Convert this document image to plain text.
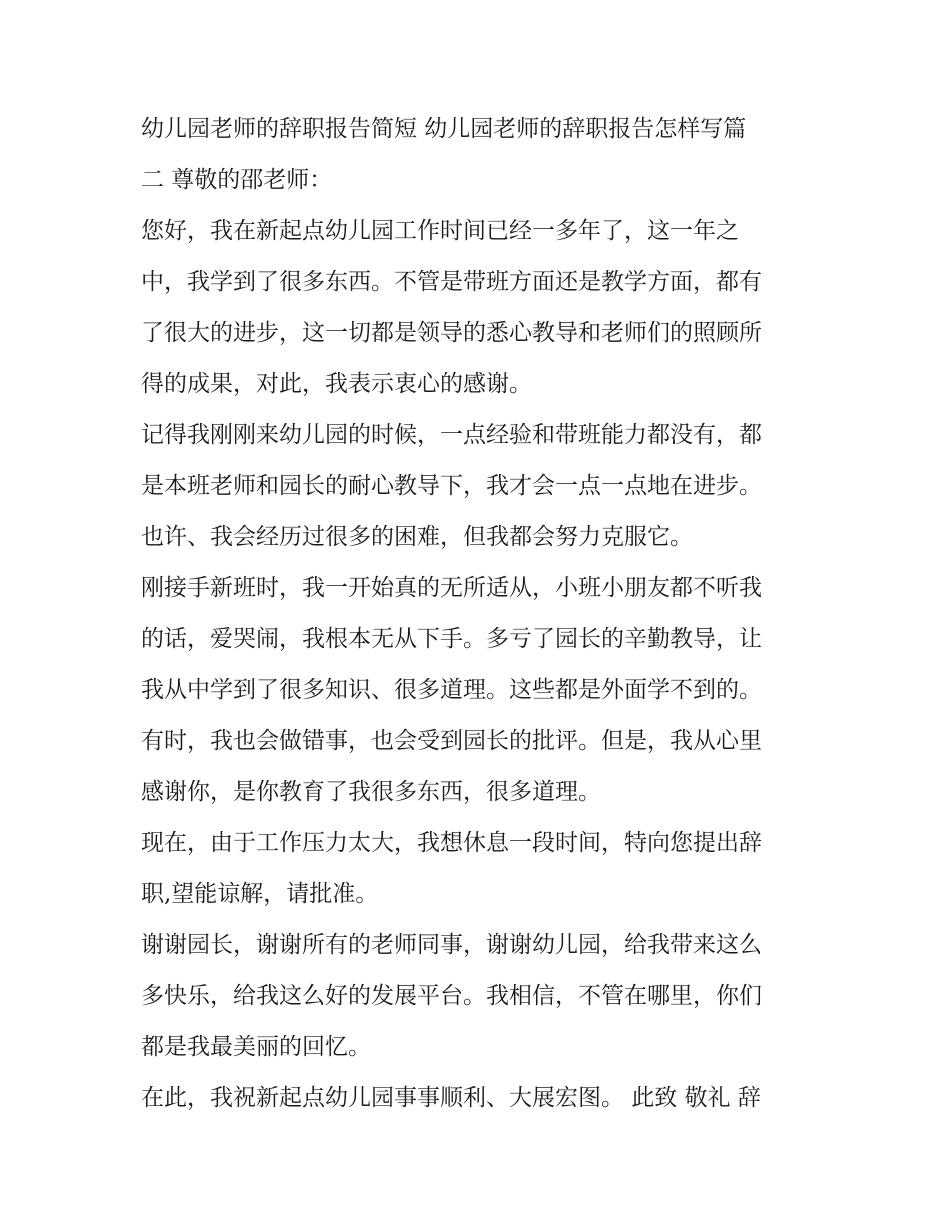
幼儿园老师的辞职报告简短 幼儿园老师的辞职报告怎样写篇
二 尊敬的邵老师：
您好，我在新起点幼儿园工作时间已经一多年了，这一年之
中，我学到了很多东西。不管是带班方面还是教学方面，都有
了很大的进步，这一切都是领导的悉心教导和老师们的照顾所
得的成果，对此，我表示衷心的感谢。
记得我刚刚来幼儿园的时候，一点经验和带班能力都没有，都
是本班老师和园长的耐心教导下，我才会一点一点地在进步。
也许、我会经历过很多的困难，但我都会努力克服它。
刚接手新班时，我一开始真的无所适从，小班小朋友都不听我
的话，爱哭闹，我根本无从下手。多亏了园长的辛勤教导，让
我从中学到了很多知识、很多道理。这些都是外面学不到的。
有时，我也会做错事，也会受到园长的批评。但是，我从心里
感谢你，是你教育了我很多东西，很多道理。
现在，由于工作压力太大，我想休息一段时间，特向您提出辞
职,望能谅解，请批准。
谢谢园长，谢谢所有的老师同事，谢谢幼儿园，给我带来这么
多快乐，给我这么好的发展平台。我相信，不管在哪里，你们
都是我最美丽的回忆。
在此，我祝新起点幼儿园事事顺利、大展宏图。 此致 敬礼 辞
